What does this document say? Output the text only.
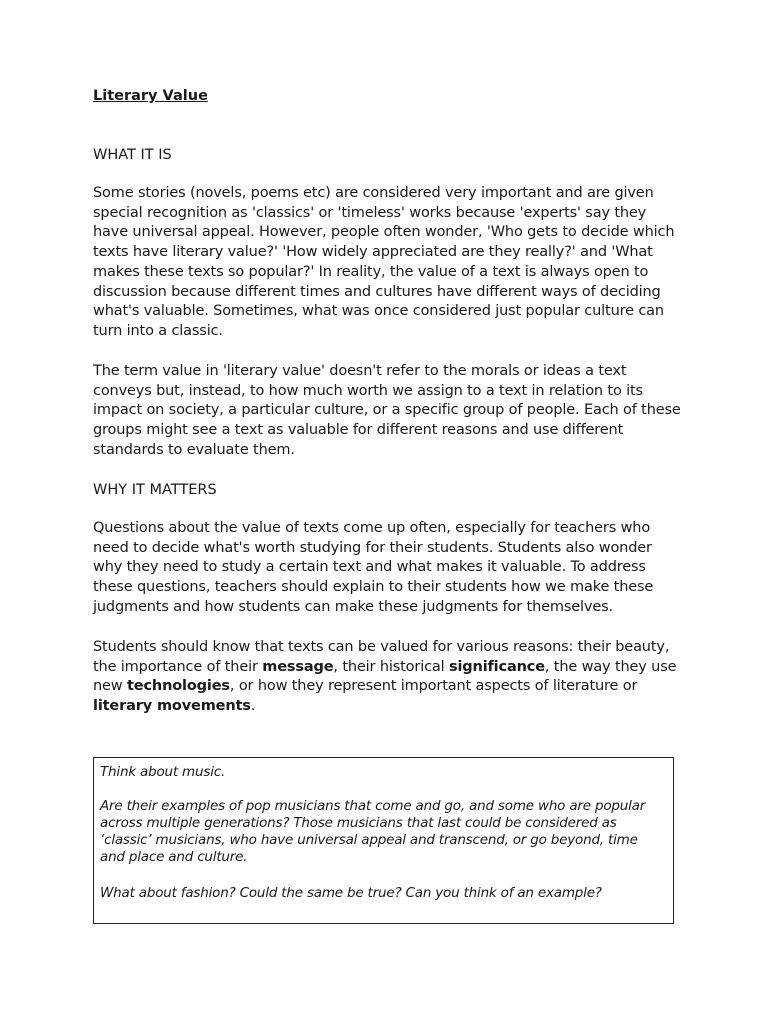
Literary Value
WHAT IT IS

Some stories (novels, poems etc) are considered very important and are given special recognition as 'classics' or 'timeless' works because 'experts' say they have universal appeal. However, people often wonder, 'Who gets to decide which texts have literary value?' 'How widely appreciated are they really?' and 'What makes these texts so popular?' In reality, the value of a text is always open to discussion because different times and cultures have different ways of deciding what's valuable. Sometimes, what was once considered just popular culture can turn into a classic.

The term value in 'literary value' doesn't refer to the morals or ideas a text conveys but, instead, to how much worth we assign to a text in relation to its impact on society, a particular culture, or a specific group of people. Each of these groups might see a text as valuable for different reasons and use different standards to evaluate them.

WHY IT MATTERS

Questions about the value of texts come up often, especially for teachers who need to decide what's worth studying for their students. Students also wonder why they need to study a certain text and what makes it valuable. To address these questions, teachers should explain to their students how we make these judgments and how students can make these judgments for themselves.

Students should know that texts can be valued for various reasons: their beauty, the importance of their message, their historical significance, the way they use new technologies, or how they represent important aspects of literature or literary movements.

Think about music.

Are their examples of pop musicians that come and go, and some who are popular across multiple generations? Those musicians that last could be considered as ‘classic’ musicians, who have universal appeal and transcend, or go beyond, time and place and culture.

What about fashion? Could the same be true? Can you think of an example?
